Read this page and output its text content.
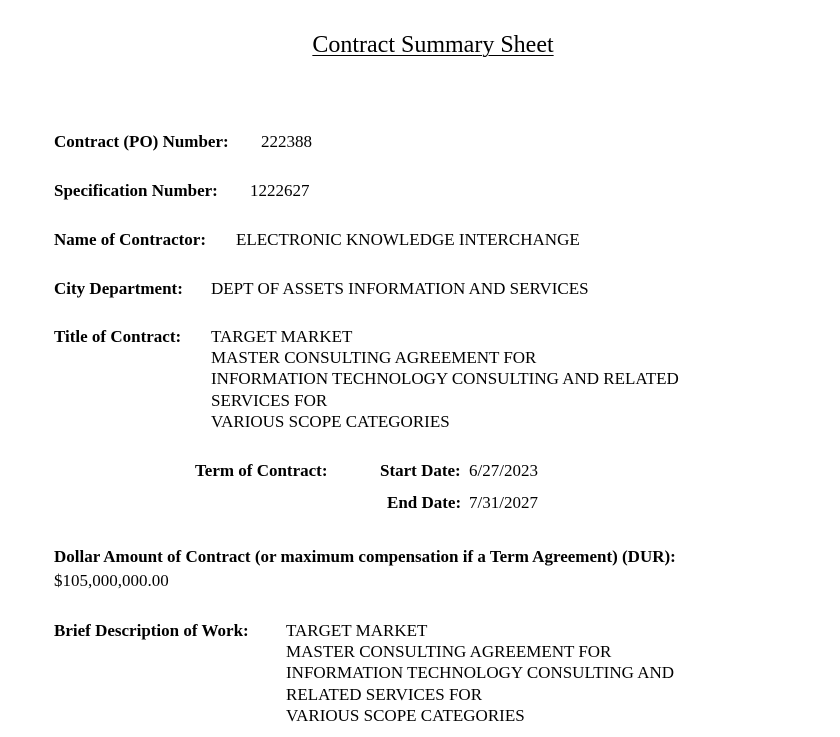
Contract Summary Sheet
Contract (PO) Number: 222388
Specification Number: 1222627
Name of Contractor: ELECTRONIC KNOWLEDGE INTERCHANGE
City Department: DEPT OF ASSETS INFORMATION AND SERVICES
Title of Contract: TARGET MARKET
MASTER CONSULTING AGREEMENT FOR
INFORMATION TECHNOLOGY CONSULTING AND RELATED
SERVICES FOR
VARIOUS SCOPE CATEGORIES
Term of Contract:	Start Date: 6/27/2023
End Date: 7/31/2027
Dollar Amount of Contract (or maximum compensation if a Term Agreement) (DUR):
$105,000,000.00
Brief Description of Work: TARGET MARKET
MASTER CONSULTING AGREEMENT FOR
INFORMATION TECHNOLOGY CONSULTING AND
RELATED SERVICES FOR
VARIOUS SCOPE CATEGORIES
